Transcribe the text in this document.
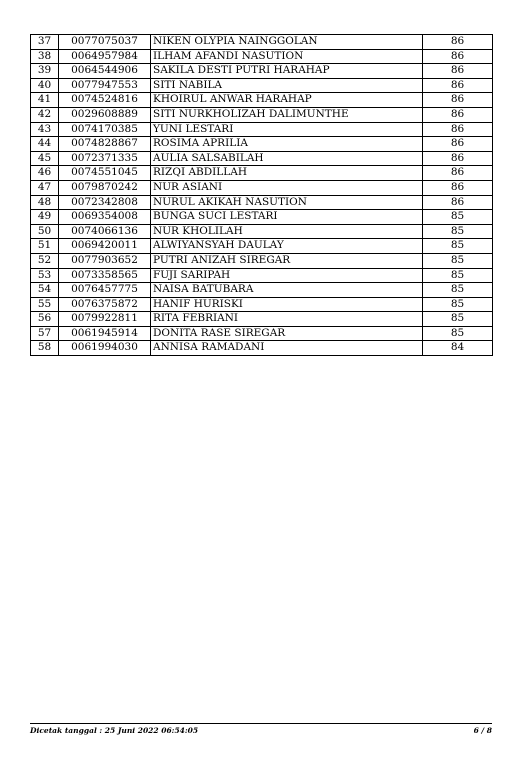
37	0077075037	NIKEN OLYPIA NAINGGOLAN	86
38	0064957984	ILHAM AFANDI NASUTION	86
39	0064544906	SAKILA DESTI PUTRI HARAHAP	86
40	0077947553	SITI NABILA	86
41	0074524816	KHOIRUL ANWAR HARAHAP	86
42	0029608889	SITI NURKHOLIZAH DALIMUNTHE	86
43	0074170385	YUNI LESTARI	86
44	0074828867	ROSIMA APRILIA	86
45	0072371335	AULIA SALSABILAH	86
46	0074551045	RIZQI ABDILLAH	86
47	0079870242	NUR ASIANI	86
48	0072342808	NURUL AKIKAH NASUTION	86
49	0069354008	BUNGA SUCI LESTARI	85
50	0074066136	NUR KHOLILAH	85
51	0069420011	ALWIYANSYAH DAULAY	85
52	0077903652	PUTRI ANIZAH SIREGAR	85
53	0073358565	FUJI SARIPAH	85
54	0076457775	NAISA BATUBARA	85
55	0076375872	HANIF HURISKI	85
56	0079922811	RITA FEBRIANI	85
57	0061945914	DONITA RASE SIREGAR	85
58	0061994030	ANNISA RAMADANI	84
Dicetak tanggal : 25 Juni 2022 06:54:05	6 / 8
